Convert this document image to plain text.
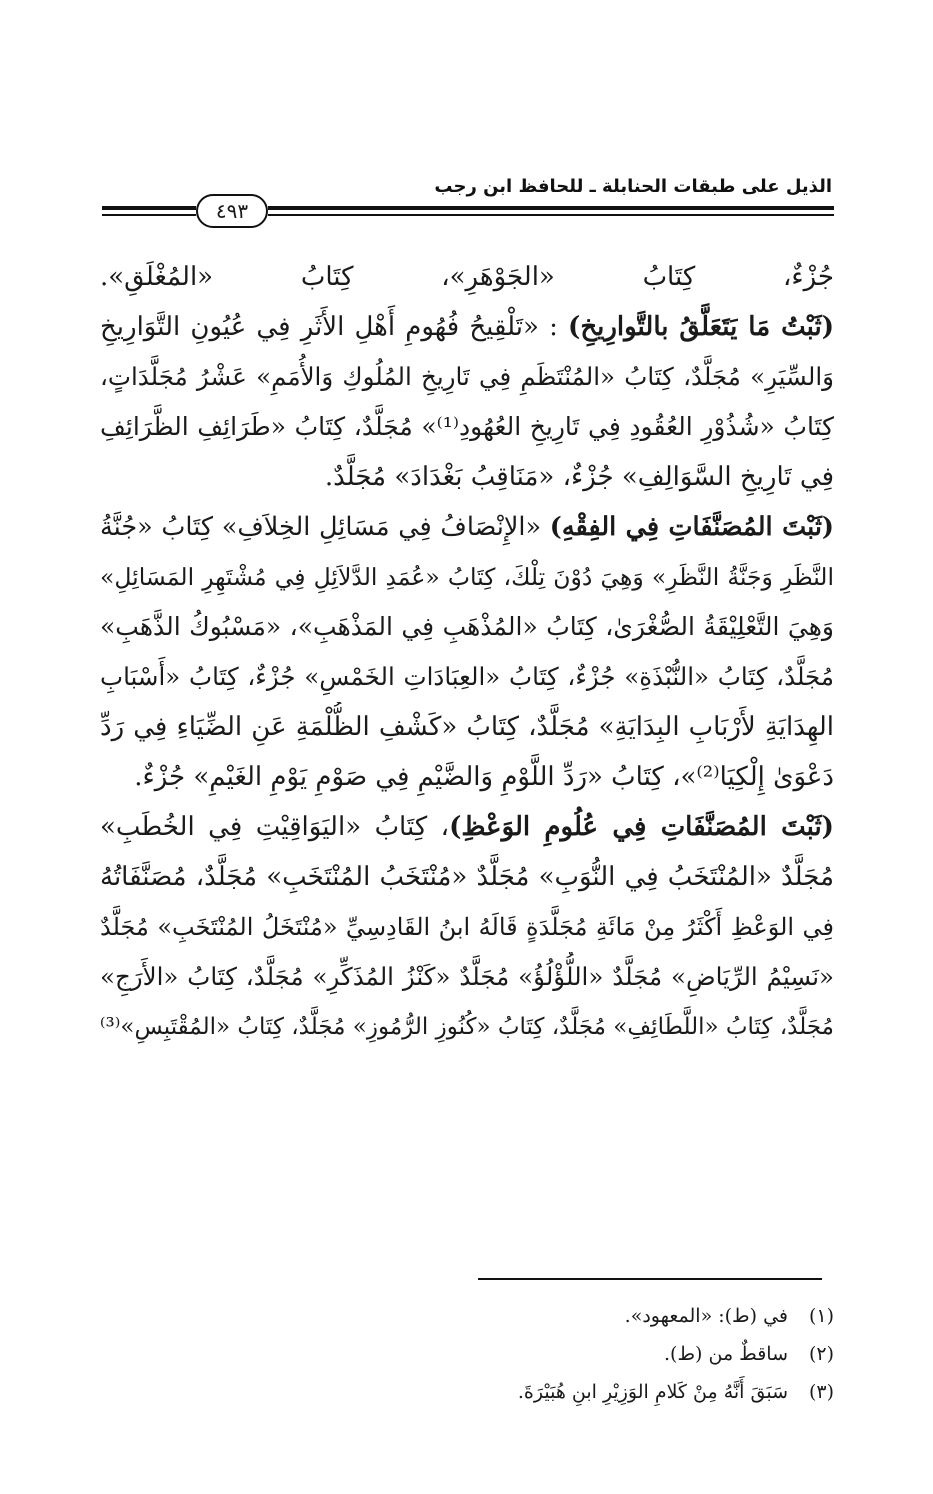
الذيل على طبقات الحنابلة ـ للحافظ ابن رجب
٤٩٣
جُزْءٌ، كِتَابُ «الجَوْهَرِ»، كِتَابُ «المُغْلَقِ».
(ثَبْتُ مَا يَتَعَلَّقُ بالتَّوارِيخِ) : «تَلْقِيحُ فُهُومِ أَهْلِ الأَثَرِ فِي عُيُونِ التَّوَارِيخِ
وَالسِّيَرِ» مُجَلَّدٌ، كِتَابُ «المُنْتَظَمِ فِي تَارِيخِ المُلُوكِ وَالأُمَمِ» عَشْرُ مُجَلَّدَاتٍ،
كِتَابُ «شُذُوْرِ العُقُودِ فِي تَارِيخِ العُهُودِ⁽¹⁾» مُجَلَّدٌ، كِتَابُ «طَرَائِفِ الظَّرَائِفِ
فِي تَارِيخِ السَّوَالِفِ» جُزْءٌ، «مَنَاقِبُ بَغْدَادَ» مُجَلَّدٌ.
(ثَبْتَ المُصَنَّفَاتِ فِي الفِقْهِ) «الإِنْصَافُ فِي مَسَائِلِ الخِلاَفِ» كِتَابُ «جُنَّةُ
النَّظَرِ وَجَنَّةُ النَّظَرِ» وَهِيَ دُوْنَ تِلْكَ، كِتَابُ «عُمَدِ الدَّلاَئِلِ فِي مُشْتَهِرِ المَسَائِلِ»
وَهِيَ التَّعْلِيْقَةُ الصُّغْرَىٰ، كِتَابُ «المُذْهَبِ فِي المَذْهَبِ»، «مَسْبُوكُ الذَّهَبِ»
مُجَلَّدٌ، كِتَابُ «النُّبْذَةِ» جُزْءٌ، كِتَابُ «العِبَادَاتِ الخَمْسِ» جُزْءٌ، كِتَابُ «أَسْبَابِ
الهِدَايَةِ لأَرْبَابِ البِدَايَةِ» مُجَلَّدٌ، كِتَابُ «كَشْفِ الظُّلْمَةِ عَنِ الضِّيَاءِ فِي رَدِّ
دَعْوَىٰ إِلْكِيَا⁽²⁾»، كِتَابُ «رَدِّ اللَّوْمِ وَالضَّيْمِ فِي صَوْمِ يَوْمِ الغَيْمِ» جُزْءٌ.
(ثَبْتَ المُصَنَّفَاتِ فِي عُلُومِ الوَعْظِ)، كِتَابُ «اليَوَاقِيْتِ فِي الخُطَبِ»
مُجَلَّدٌ «المُنْتَخَبُ فِي النُّوَبِ» مُجَلَّدٌ «مُنْتَخَبُ المُنْتَخَبِ» مُجَلَّدٌ، مُصَنَّفَاتُهُ
فِي الوَعْظِ أَكْثَرُ مِنْ مَائَةِ مُجَلَّدَةٍ قَالَهُ ابنُ القَادِسِيِّ «مُنْتَخَلُ المُنْتَخَبِ» مُجَلَّدٌ
«نَسِيْمُ الرِّيَاضِ» مُجَلَّدٌ «اللُّؤْلُؤُ» مُجَلَّدٌ «كَنْزُ المُذَكِّرِ» مُجَلَّدٌ، كِتَابُ «الأَرَجِ»
مُجَلَّدٌ، كِتَابُ «اللَّطَائِفِ» مُجَلَّدٌ، كِتَابُ «كُنُوزِ الرُّمُوزِ» مُجَلَّدٌ، كِتَابُ «المُقْتَبِسِ»⁽³⁾
(١)في (ط): «المعهود».
(٢)ساقطٌ من (ط).
(٣)سَبَقَ أَنَّهُ مِنْ كَلامِ الوَزِيْرِ ابنِ هُبَيْرَةَ.
